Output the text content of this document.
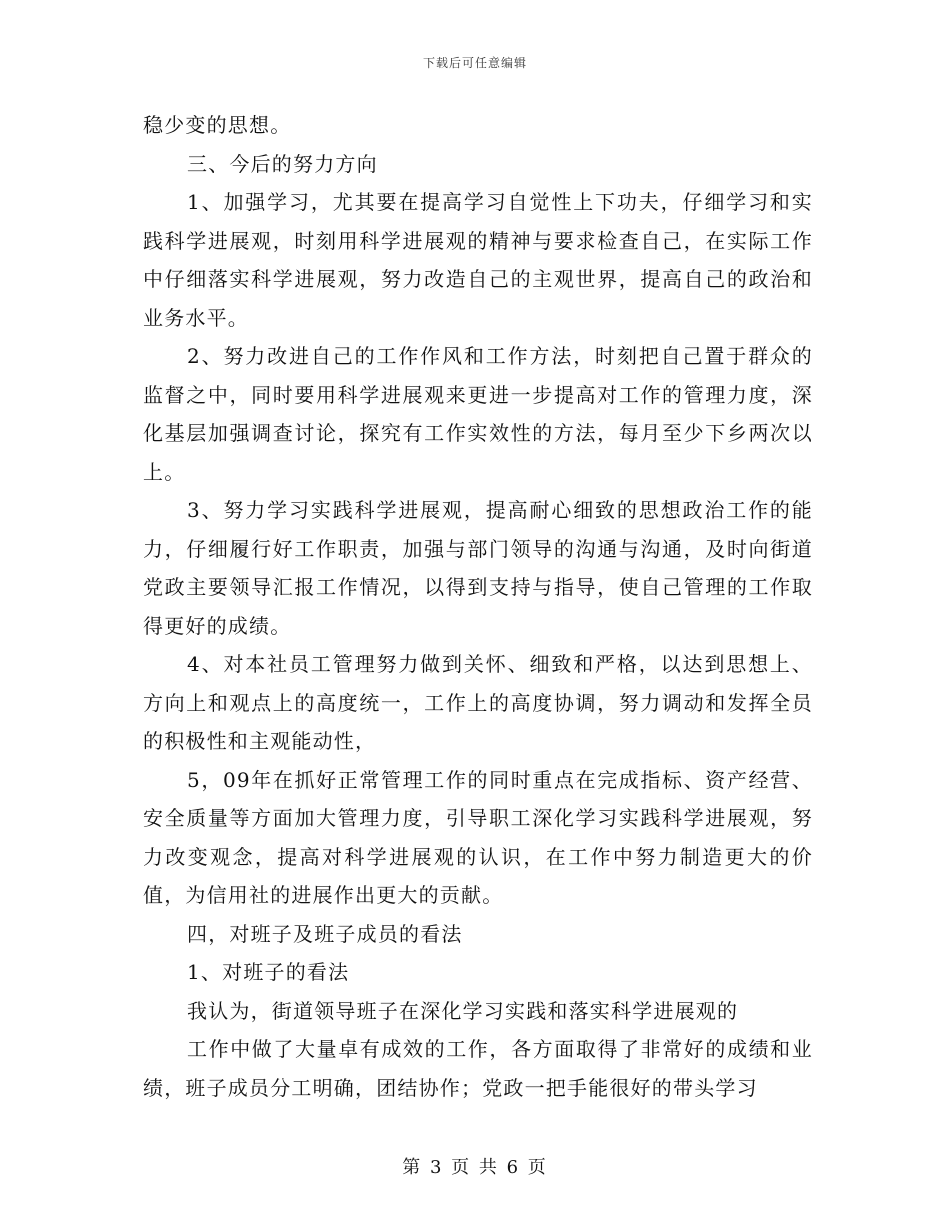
下载后可任意编辑

稳少变的思想。

三、今后的努力方向

1、加强学习，尤其要在提高学习自觉性上下功夫，仔细学习和实践科学进展观，时刻用科学进展观的精神与要求检查自己，在实际工作中仔细落实科学进展观，努力改造自己的主观世界，提高自己的政治和业务水平。

2、努力改进自己的工作作风和工作方法，时刻把自己置于群众的监督之中，同时要用科学进展观来更进一步提高对工作的管理力度，深化基层加强调查讨论，探究有工作实效性的方法，每月至少下乡两次以上。

3、努力学习实践科学进展观，提高耐心细致的思想政治工作的能力，仔细履行好工作职责，加强与部门领导的沟通与沟通，及时向街道党政主要领导汇报工作情况，以得到支持与指导，使自己管理的工作取得更好的成绩。

4、对本社员工管理努力做到关怀、细致和严格，以达到思想上、方向上和观点上的高度统一，工作上的高度协调，努力调动和发挥全员的积极性和主观能动性，

5，09年在抓好正常管理工作的同时重点在完成指标、资产经营、安全质量等方面加大管理力度，引导职工深化学习实践科学进展观，努力改变观念，提高对科学进展观的认识，在工作中努力制造更大的价值，为信用社的进展作出更大的贡献。

四，对班子及班子成员的看法

1、对班子的看法

我认为，街道领导班子在深化学习实践和落实科学进展观的

工作中做了大量卓有成效的工作，各方面取得了非常好的成绩和业绩，班子成员分工明确，团结协作；党政一把手能很好的带头学习

第 3 页 共 6 页
